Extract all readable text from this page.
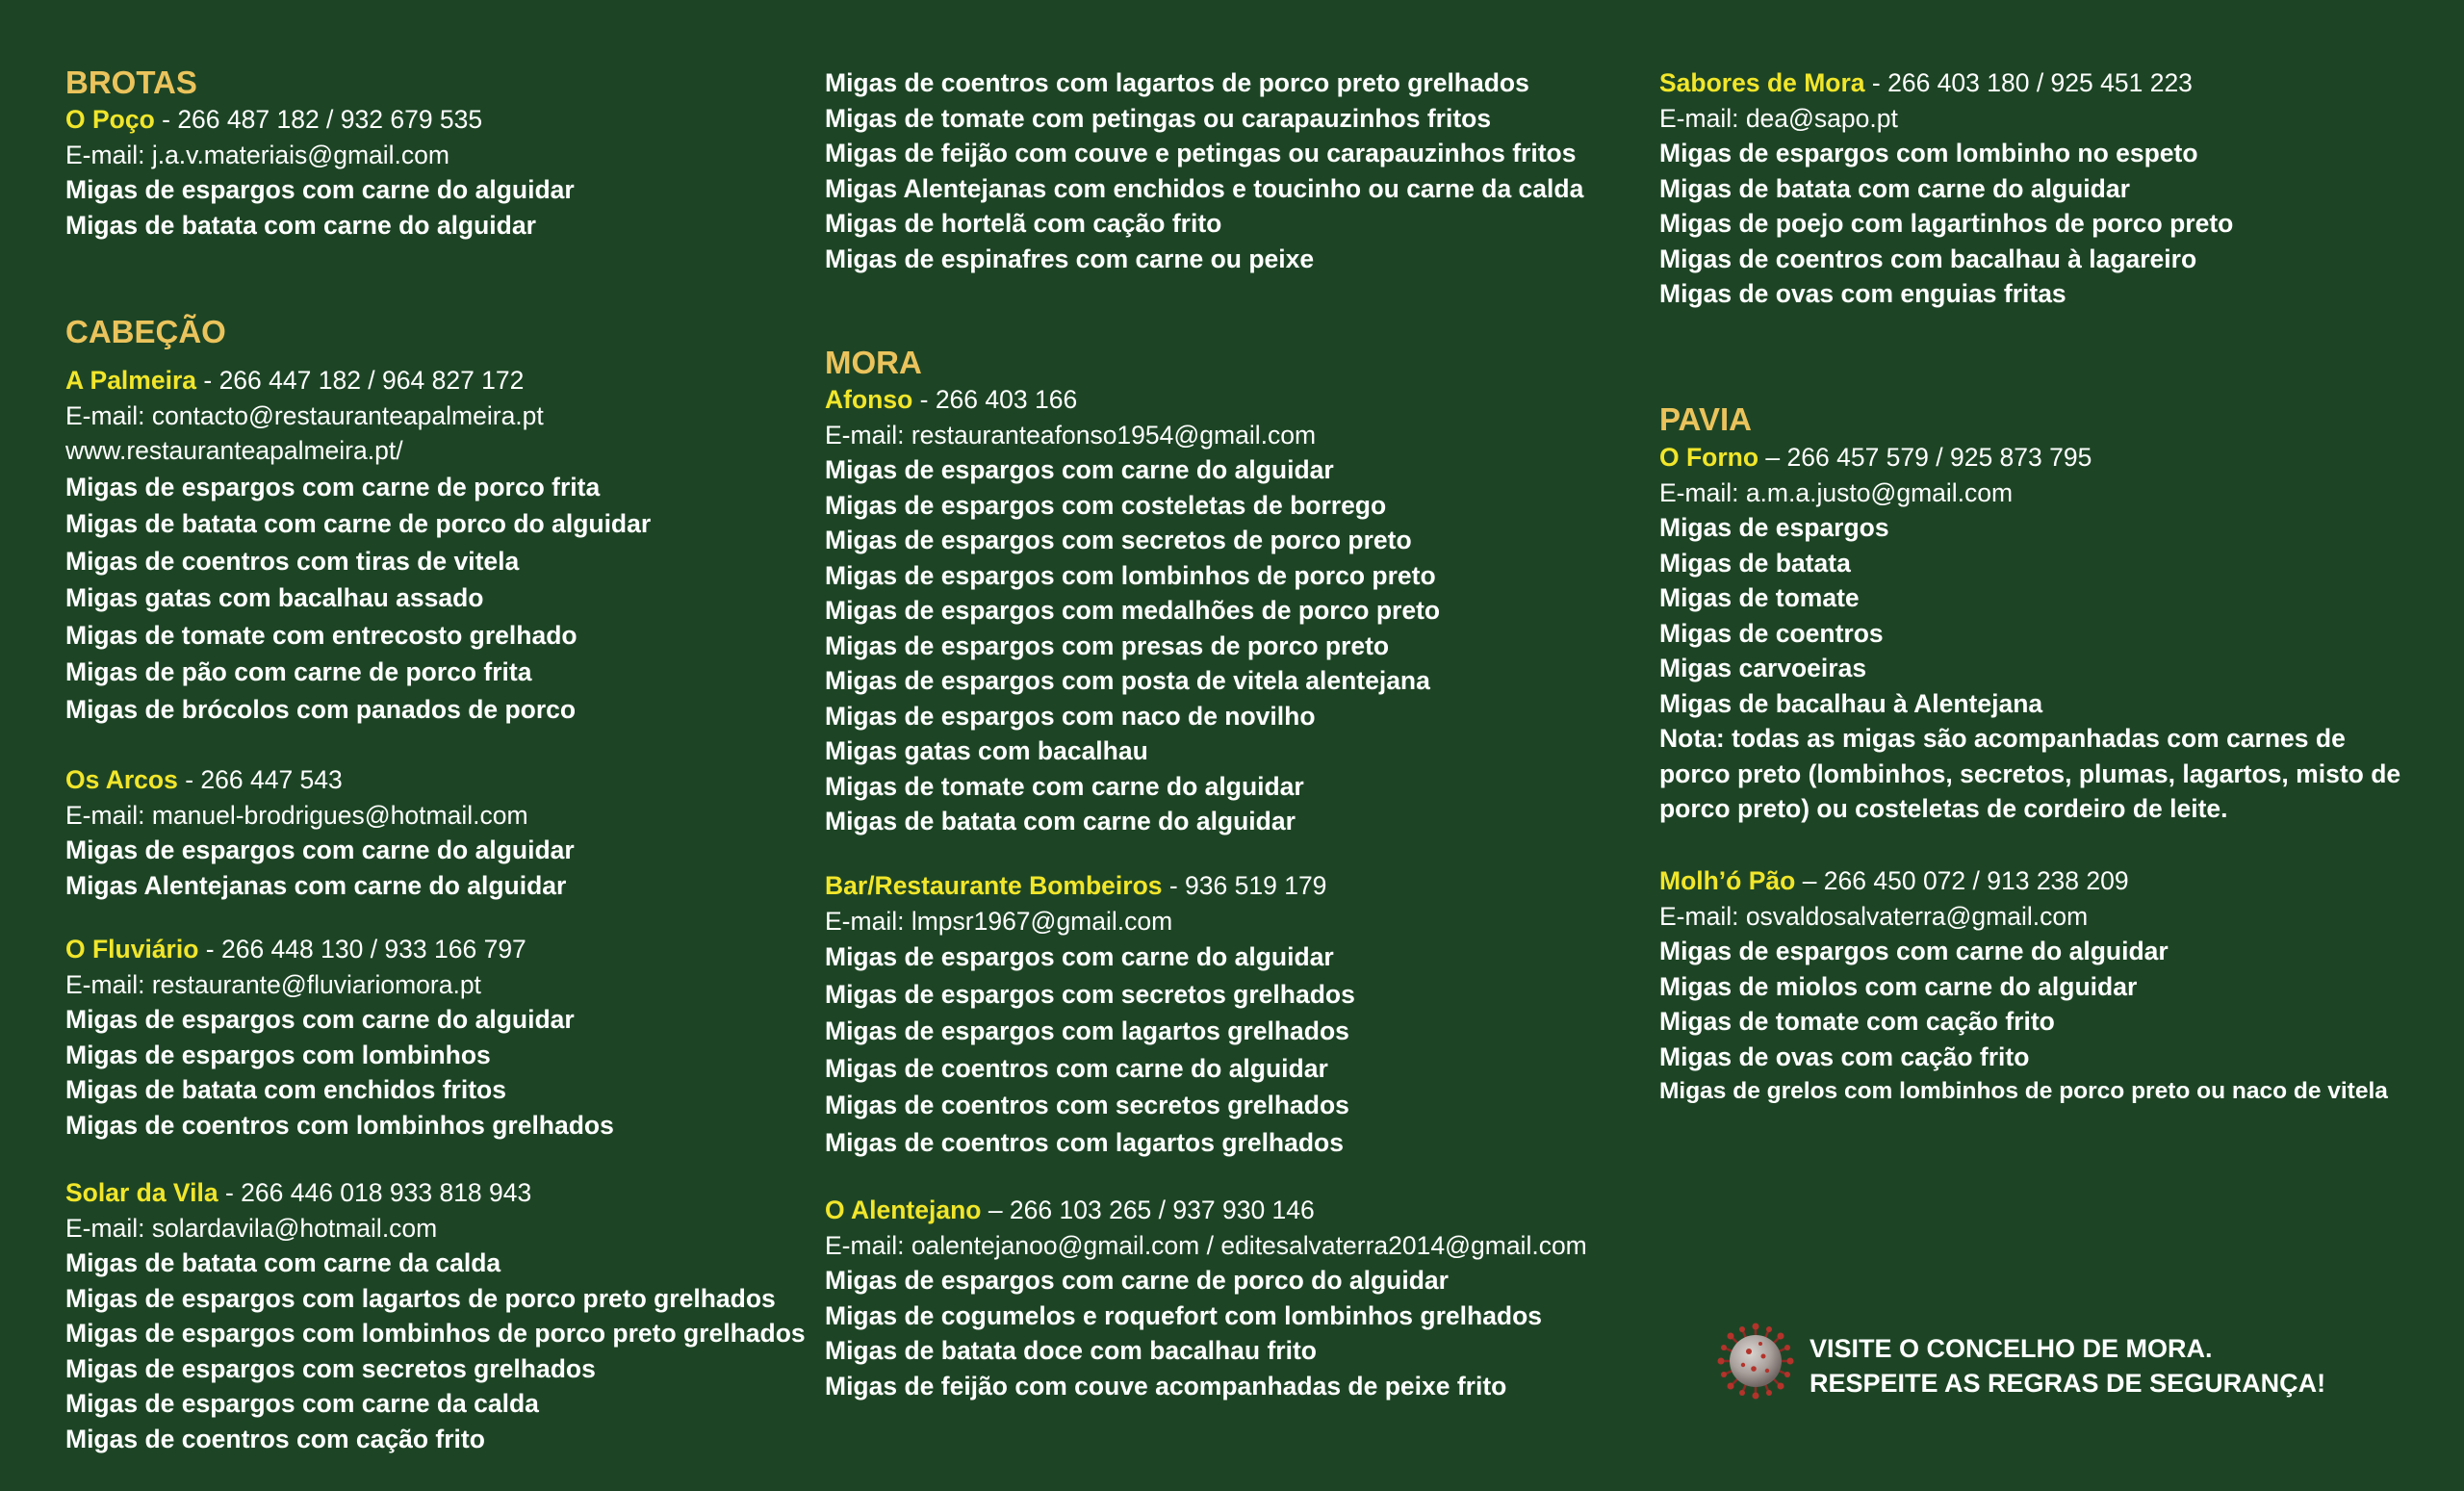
BROTAS
O Poço - 266 487 182 / 932 679 535
E-mail: j.a.v.materiais@gmail.com
Migas de espargos com carne do alguidar
Migas de batata com carne do alguidar
CABEÇÃO
A Palmeira - 266 447 182 / 964 827 172
E-mail: contacto@restauranteapalmeira.pt
www.restauranteapalmeira.pt/
Migas de espargos com carne de porco frita
Migas de batata com carne de porco do alguidar
Migas de coentros com tiras de vitela
Migas gatas com bacalhau assado
Migas de tomate com entrecosto grelhado
Migas de pão com carne de porco frita
Migas de brócolos com panados de porco
Os Arcos - 266 447 543
E-mail: manuel-brodrigues@hotmail.com
Migas de espargos com carne do alguidar
Migas Alentejanas com carne do alguidar
O Fluviário - 266 448 130 / 933 166 797
E-mail: restaurante@fluviariomora.pt
Migas de espargos com carne do alguidar
Migas de espargos com lombinhos
Migas de batata com enchidos fritos
Migas de coentros com lombinhos grelhados
Solar da Vila - 266 446 018 933 818 943
E-mail: solardavila@hotmail.com
Migas de batata com carne da calda
Migas de espargos com lagartos de porco preto grelhados
Migas de espargos com lombinhos de porco preto grelhados
Migas de espargos com secretos grelhados
Migas de espargos com carne da calda
Migas de coentros com cação frito
Migas de coentros com lagartos de porco preto grelhados
Migas de tomate com petingas ou carapauzinhos fritos
Migas de feijão com couve e petingas ou carapauzinhos fritos
Migas Alentejanas com enchidos e toucinho ou carne da calda
Migas de hortelã com cação frito
Migas de espinafres com carne ou peixe
MORA
Afonso - 266 403 166
E-mail: restauranteafonso1954@gmail.com
Migas de espargos com carne do alguidar
Migas de espargos com costeletas de borrego
Migas de espargos com secretos de porco preto
Migas de espargos com lombinhos de porco preto
Migas de espargos com medalhões de porco preto
Migas de espargos com presas de porco preto
Migas de espargos com posta de vitela alentejana
Migas de espargos com naco de novilho
Migas gatas com bacalhau
Migas de tomate com carne do alguidar
Migas de batata com carne do alguidar
Bar/Restaurante Bombeiros - 936 519 179
E-mail: lmpsr1967@gmail.com
Migas de espargos com carne do alguidar
Migas de espargos com secretos grelhados
Migas de espargos com lagartos grelhados
Migas de coentros com carne do alguidar
Migas de coentros com secretos grelhados
Migas de coentros com lagartos grelhados
O Alentejano – 266 103 265 / 937 930 146
E-mail: oalentejanoo@gmail.com / editesalvaterra2014@gmail.com
Migas de espargos com carne de porco do alguidar
Migas de cogumelos e roquefort com lombinhos grelhados
Migas de batata doce com bacalhau frito
Migas de feijão com couve acompanhadas de peixe frito
Sabores de Mora - 266 403 180 / 925 451 223
E-mail: dea@sapo.pt
Migas de espargos com lombinho no espeto
Migas de batata com carne do alguidar
Migas de poejo com lagartinhos de porco preto
Migas de coentros com bacalhau à lagareiro
Migas de ovas com enguias fritas
PAVIA
O Forno – 266 457 579 / 925 873 795
E-mail: a.m.a.justo@gmail.com
Migas de espargos
Migas de batata
Migas de tomate
Migas de coentros
Migas carvoeiras
Migas de bacalhau à Alentejana
Nota: todas as migas são acompanhadas com carnes de porco preto (lombinhos, secretos, plumas, lagartos, misto de porco preto) ou costeletas de cordeiro de leite.
Molh’ó Pão – 266 450 072 / 913 238 209
E-mail: osvaldosalvaterra@gmail.com
Migas de espargos com carne do alguidar
Migas de miolos com carne do alguidar
Migas de tomate com cação frito
Migas de ovas com cação frito
Migas de grelos com lombinhos de porco preto ou naco de vitela
VISITE O CONCELHO DE MORA.
RESPEITE AS REGRAS DE SEGURANÇA!
